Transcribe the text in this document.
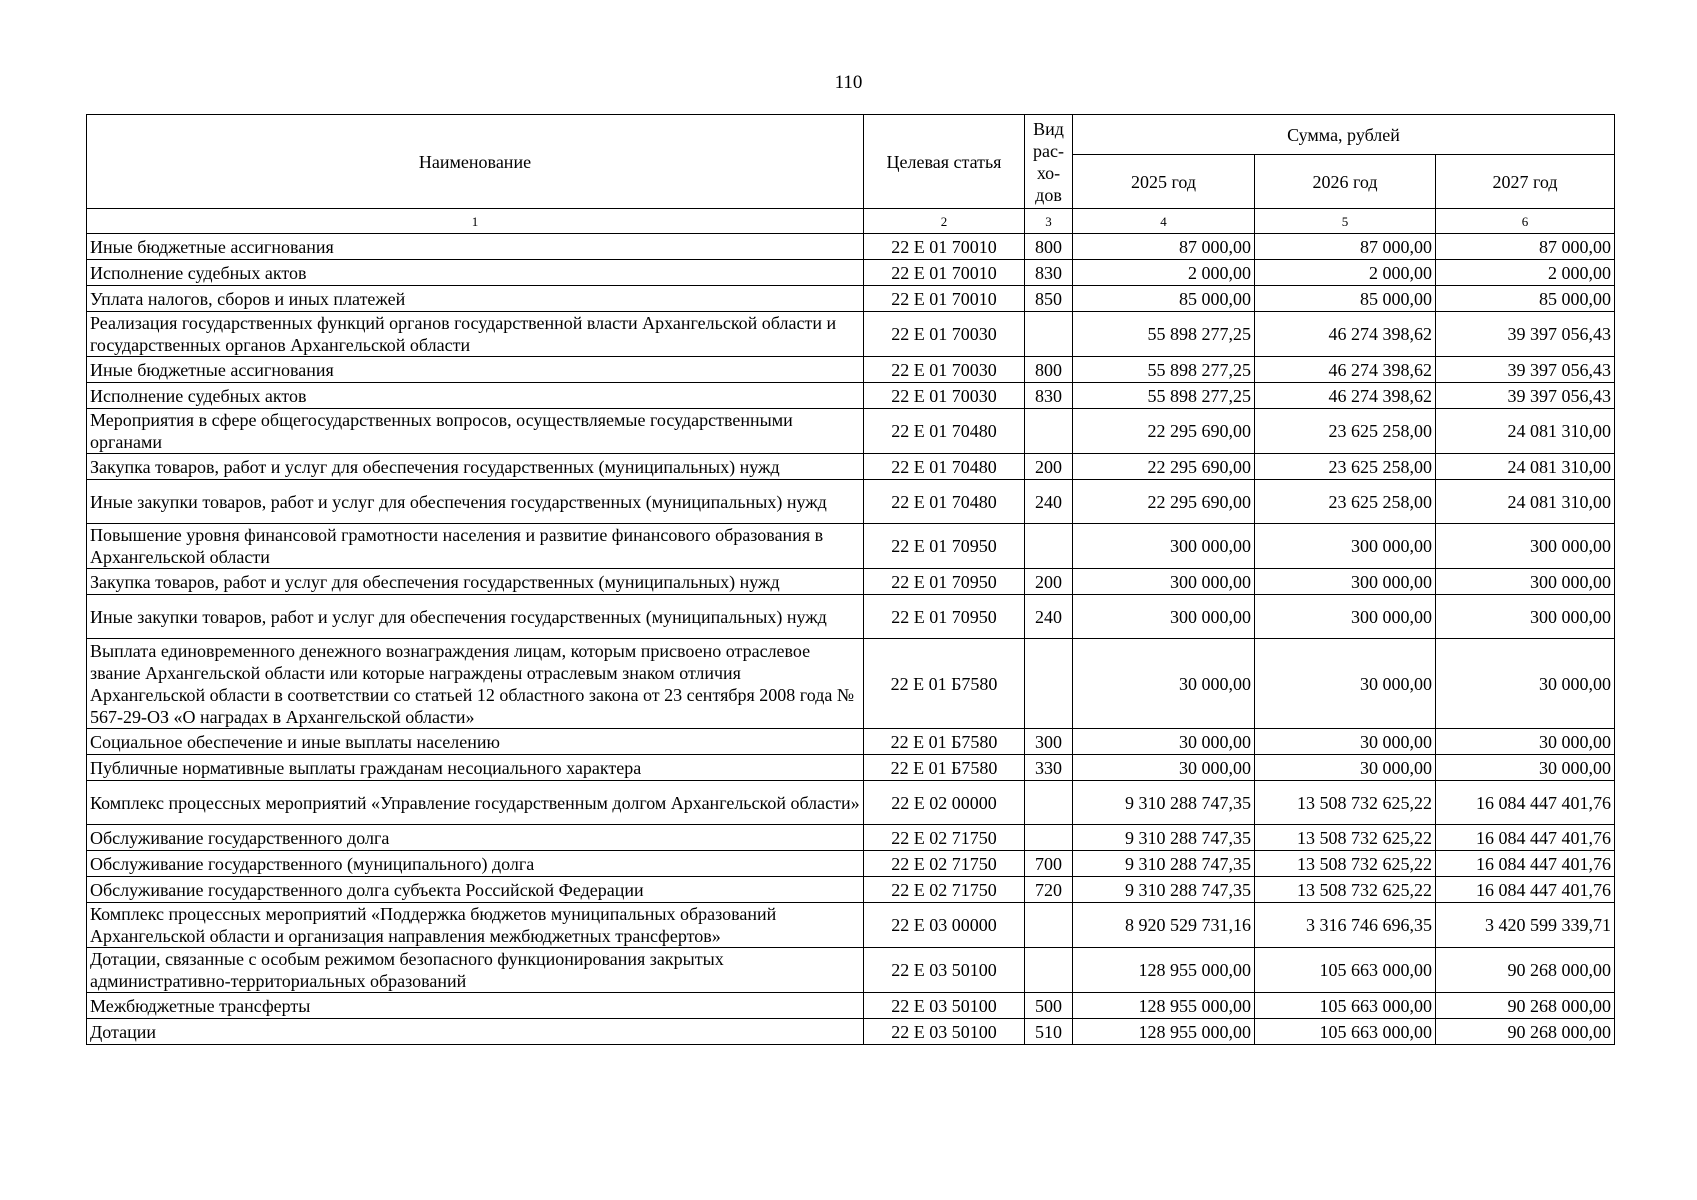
110
Наименование	Целевая статья	Вид рас-хо-дов	Сумма, рублей		
			2025 год	2026 год	2027 год
1	2	3	4	5	6
Иные бюджетные ассигнования	22 Е 01 70010	800	87 000,00	87 000,00	87 000,00
Исполнение судебных актов	22 Е 01 70010	830	2 000,00	2 000,00	2 000,00
Уплата налогов, сборов и иных платежей	22 Е 01 70010	850	85 000,00	85 000,00	85 000,00
Реализация государственных функций органов государственной власти Архангельской области и государственных органов Архангельской области	22 Е 01 70030		55 898 277,25	46 274 398,62	39 397 056,43
Иные бюджетные ассигнования	22 Е 01 70030	800	55 898 277,25	46 274 398,62	39 397 056,43
Исполнение судебных актов	22 Е 01 70030	830	55 898 277,25	46 274 398,62	39 397 056,43
Мероприятия в сфере общегосударственных вопросов, осуществляемые государственными органами	22 Е 01 70480		22 295 690,00	23 625 258,00	24 081 310,00
Закупка товаров, работ и услуг для обеспечения государственных (муниципальных) нужд	22 Е 01 70480	200	22 295 690,00	23 625 258,00	24 081 310,00
Иные закупки товаров, работ и услуг для обеспечения государственных (муниципальных) нужд	22 Е 01 70480	240	22 295 690,00	23 625 258,00	24 081 310,00
Повышение уровня финансовой грамотности населения и развитие финансового образования в Архангельской области	22 Е 01 70950		300 000,00	300 000,00	300 000,00
Закупка товаров, работ и услуг для обеспечения государственных (муниципальных) нужд	22 Е 01 70950	200	300 000,00	300 000,00	300 000,00
Иные закупки товаров, работ и услуг для обеспечения государственных (муниципальных) нужд	22 Е 01 70950	240	300 000,00	300 000,00	300 000,00
Выплата единовременного денежного вознаграждения лицам, которым присвоено отраслевое звание Архангельской области или которые награждены отраслевым знаком отличия Архангельской области в соответствии со статьей 12 областного закона от 23 сентября 2008 года № 567-29-ОЗ «О наградах в Архангельской области»	22 Е 01 Б7580		30 000,00	30 000,00	30 000,00
Социальное обеспечение и иные выплаты населению	22 Е 01 Б7580	300	30 000,00	30 000,00	30 000,00
Публичные нормативные выплаты гражданам несоциального характера	22 Е 01 Б7580	330	30 000,00	30 000,00	30 000,00
Комплекс процессных мероприятий «Управление государственным долгом Архангельской области»	22 Е 02 00000		9 310 288 747,35	13 508 732 625,22	16 084 447 401,76
Обслуживание государственного долга	22 Е 02 71750		9 310 288 747,35	13 508 732 625,22	16 084 447 401,76
Обслуживание государственного (муниципального) долга	22 Е 02 71750	700	9 310 288 747,35	13 508 732 625,22	16 084 447 401,76
Обслуживание государственного долга субъекта Российской Федерации	22 Е 02 71750	720	9 310 288 747,35	13 508 732 625,22	16 084 447 401,76
Комплекс процессных мероприятий «Поддержка бюджетов муниципальных образований Архангельской области и организация направления межбюджетных трансфертов»	22 Е 03 00000		8 920 529 731,16	3 316 746 696,35	3 420 599 339,71
Дотации, связанные с особым режимом безопасного функционирования закрытых административно-территориальных образований	22 Е 03 50100		128 955 000,00	105 663 000,00	90 268 000,00
Межбюджетные трансферты	22 Е 03 50100	500	128 955 000,00	105 663 000,00	90 268 000,00
Дотации	22 Е 03 50100	510	128 955 000,00	105 663 000,00	90 268 000,00
